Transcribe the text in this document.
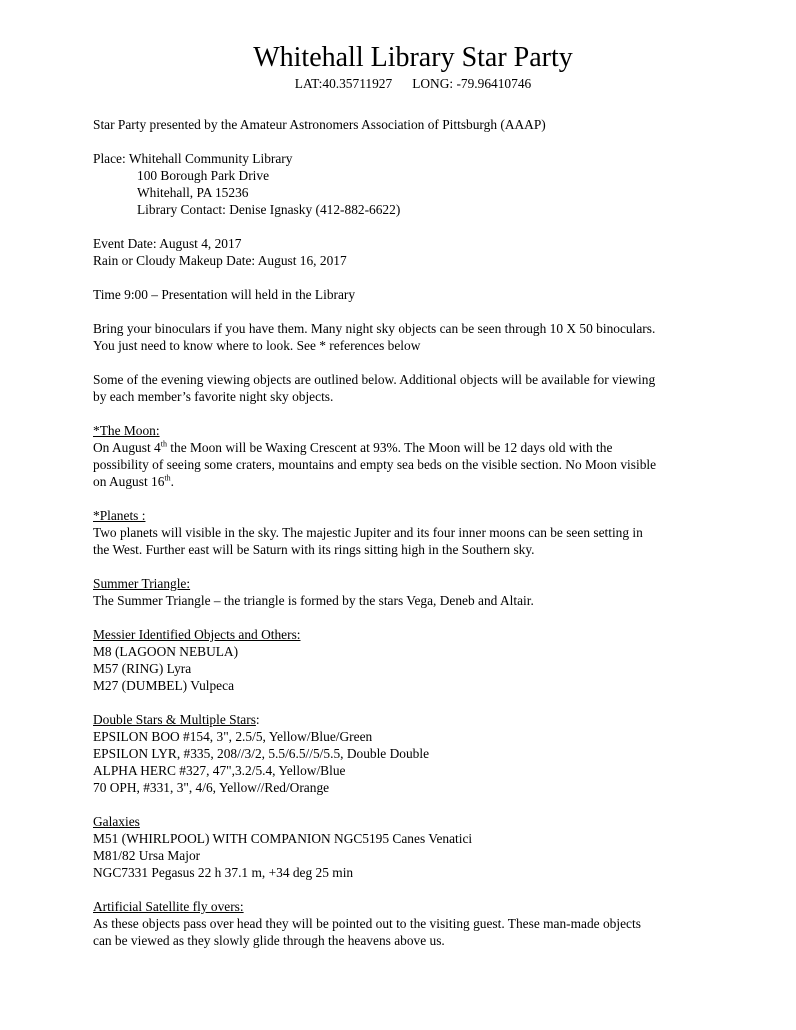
Whitehall Library Star Party
LAT:40.35711927 LONG: -79.96410746

Star Party presented by the Amateur Astronomers Association of Pittsburgh (AAAP)

Place: Whitehall Community Library

100 Borough Park Drive

Whitehall, PA 15236

Library Contact: Denise Ignasky (412-882-6622)

Event Date: August 4, 2017

Rain or Cloudy Makeup Date: August 16, 2017

Time 9:00 – Presentation will held in the Library

Bring your binoculars if you have them. Many night sky objects can be seen through 10 X 50 binoculars.

You just need to know where to look. See * references below

Some of the evening viewing objects are outlined below. Additional objects will be available for viewing

by each member’s favorite night sky objects.

*The Moon:

On August 4th the Moon will be Waxing Crescent at 93%. The Moon will be 12 days old with the

possibility of seeing some craters, mountains and empty sea beds on the visible section. No Moon visible

on August 16th.

*Planets :

Two planets will visible in the sky. The majestic Jupiter and its four inner moons can be seen setting in

the West. Further east will be Saturn with its rings sitting high in the Southern sky.

Summer Triangle:

The Summer Triangle – the triangle is formed by the stars Vega, Deneb and Altair.

Messier Identified Objects and Others:

M8 (LAGOON NEBULA)

M57 (RING) Lyra

M27 (DUMBEL) Vulpeca

Double Stars & Multiple Stars:

EPSILON BOO #154, 3", 2.5/5, Yellow/Blue/Green

EPSILON LYR, #335, 208//3/2, 5.5/6.5//5/5.5, Double Double

ALPHA HERC #327, 47",3.2/5.4, Yellow/Blue

70 OPH, #331, 3", 4/6, Yellow//Red/Orange

Galaxies

M51 (WHIRLPOOL) WITH COMPANION NGC5195 Canes Venatici

M81/82 Ursa Major

NGC7331 Pegasus 22 h 37.1 m, +34 deg 25 min

Artificial Satellite fly overs:

As these objects pass over head they will be pointed out to the visiting guest. These man-made objects

can be viewed as they slowly glide through the heavens above us.
